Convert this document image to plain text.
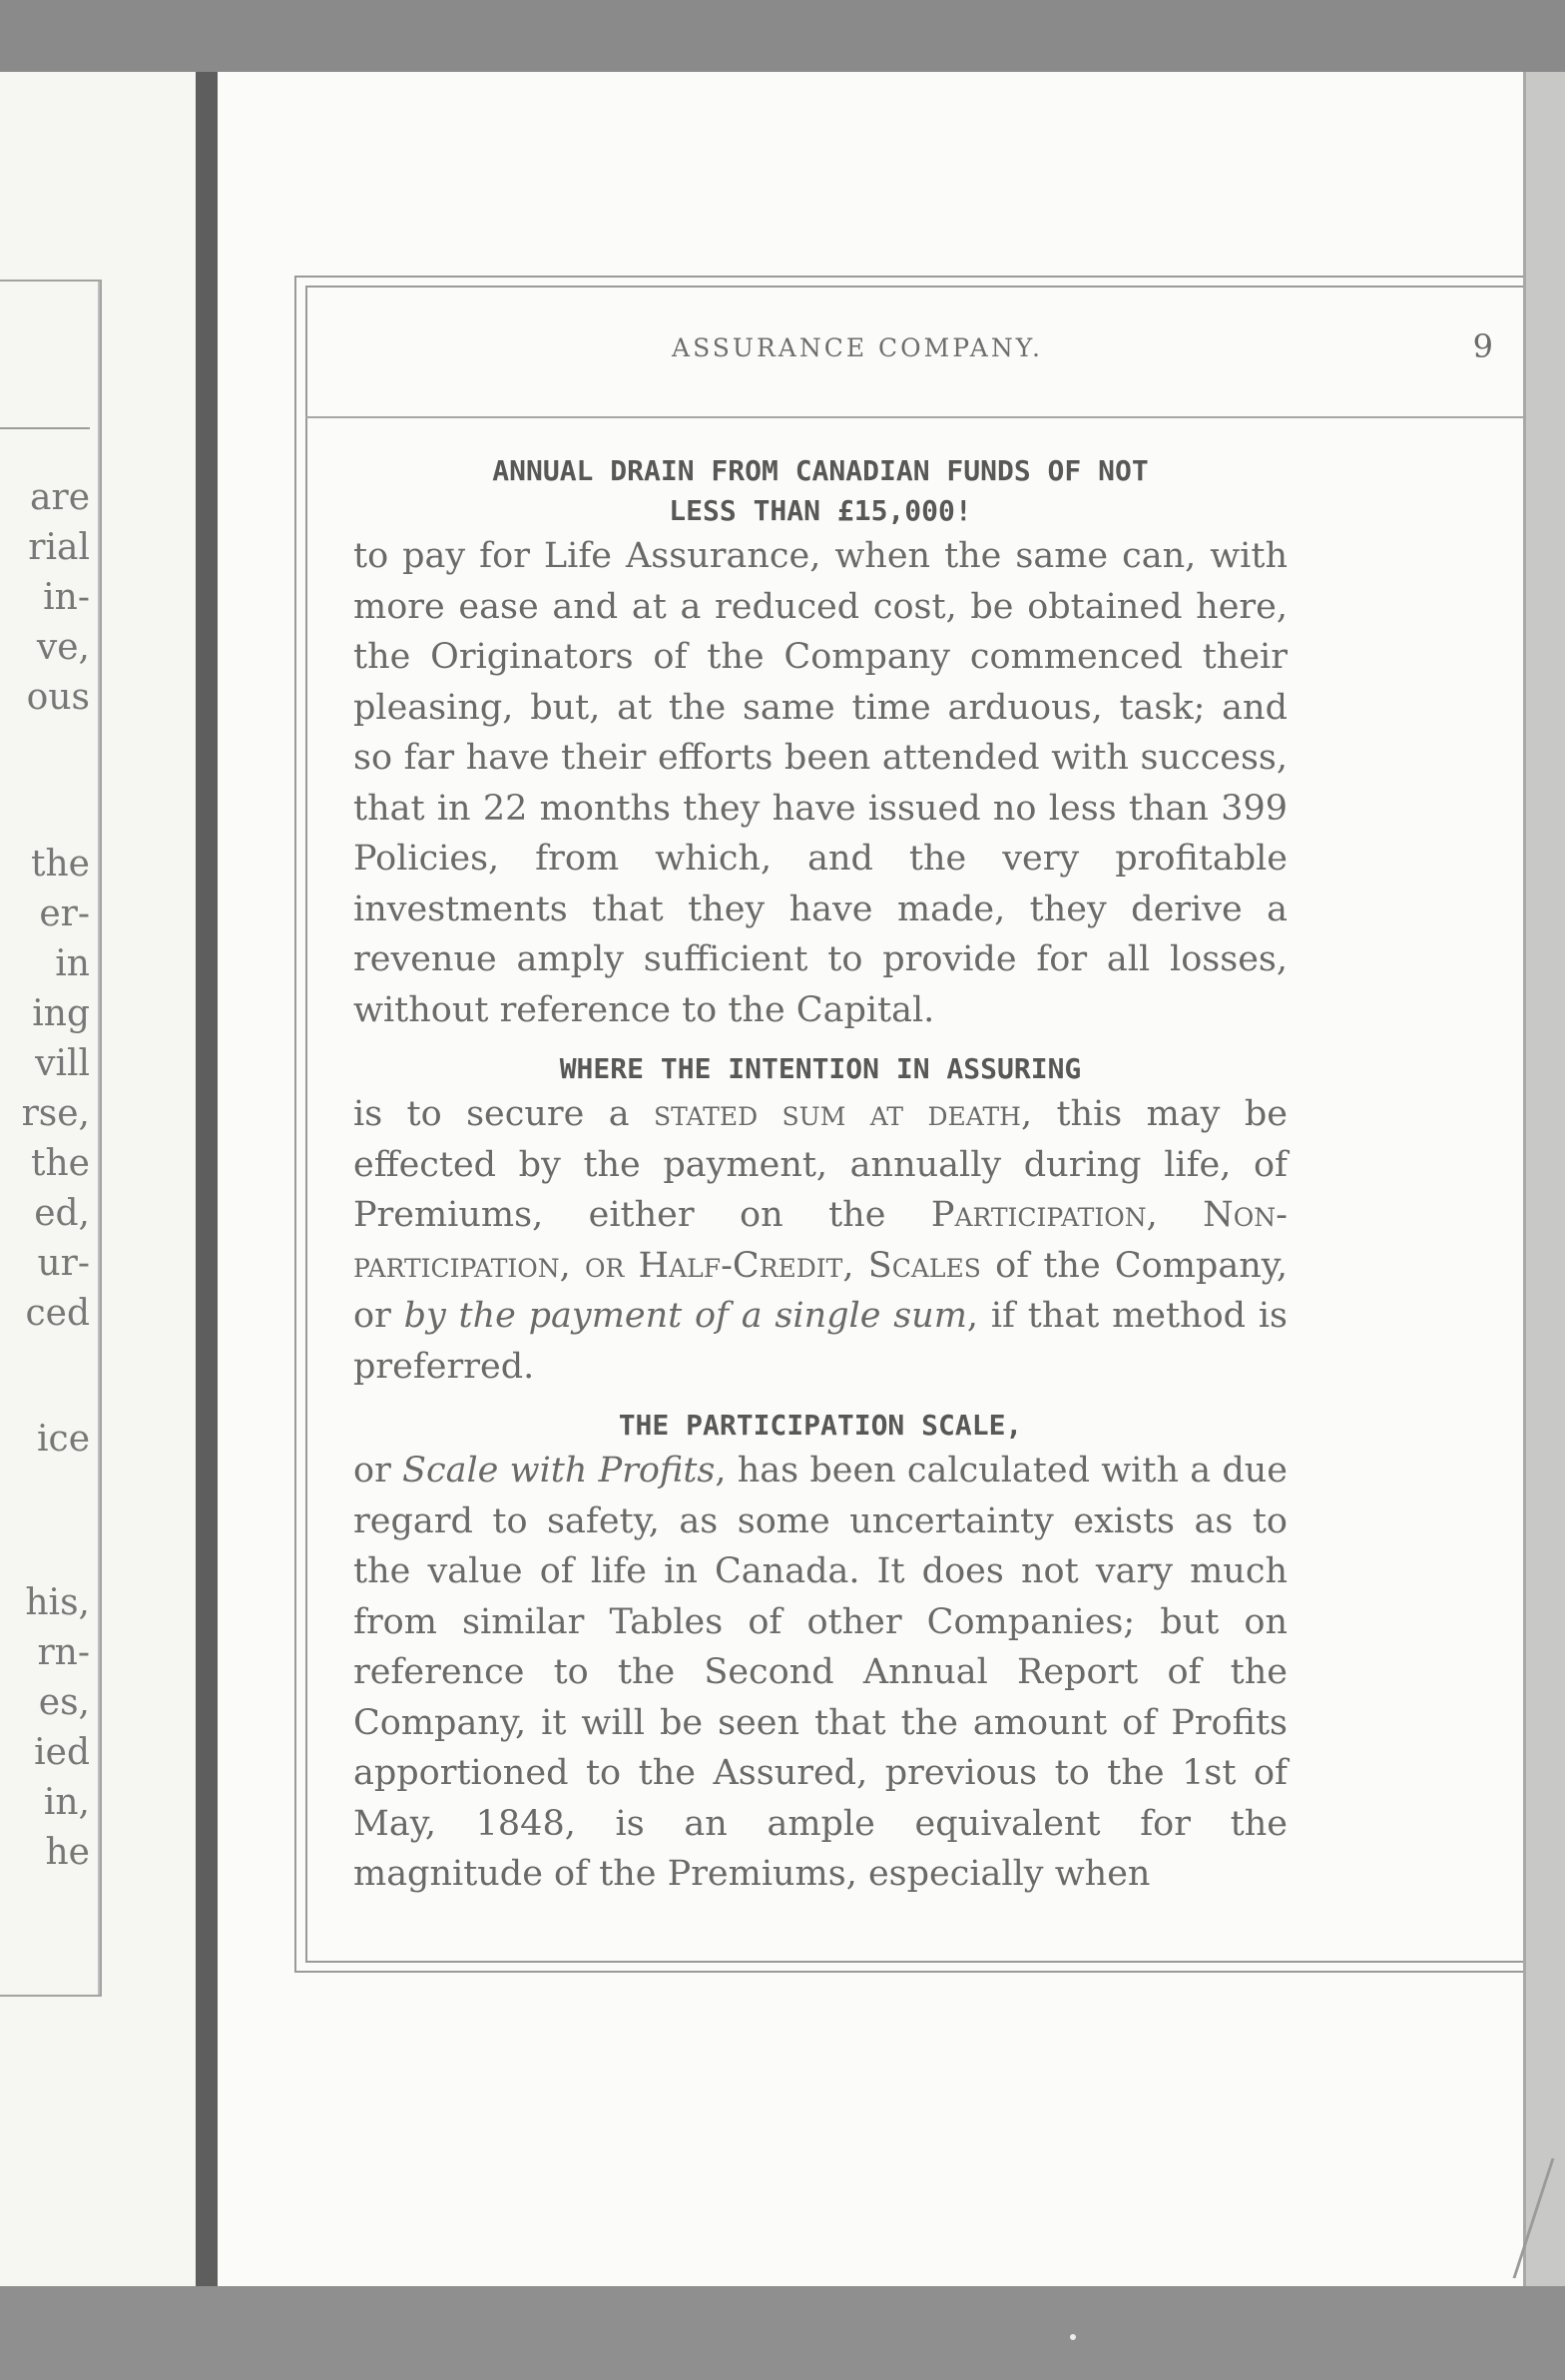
are
rial
in-
ve,
ous
the
er-
in
ing
vill
rse,
the
ed,
ur-
ced
ice
his,
rn-
es,
ied
in,
he
ASSURANCE COMPANY.	9

ANNUAL DRAIN FROM CANADIAN FUNDS OF NOT
LESS THAN £15,000!

to pay for Life Assurance, when the same can, with more ease and at a reduced cost, be obtained here, the Originators of the Company commenced their pleasing, but, at the same time arduous, task; and so far have their efforts been attended with success, that in 22 months they have issued no less than 399 Policies, from which, and the very profitable investments that they have made, they derive a revenue amply sufficient to provide for all losses, without reference to the Capital.

WHERE THE INTENTION IN ASSURING

is to secure a stated sum at death, this may be effected by the payment, annually during life, of Premiums, either on the Participation, Non-participation, or Half-Credit, Scales of the Company, or by the payment of a single sum, if that method is preferred.

THE PARTICIPATION SCALE,

or Scale with Profits, has been calculated with a due regard to safety, as some uncertainty exists as to the value of life in Canada. It does not vary much from similar Tables of other Companies; but on reference to the Second Annual Report of the Company, it will be seen that the amount of Profits apportioned to the Assured, previous to the 1st of May, 1848, is an ample equivalent for the magnitude of the Premiums, especially when
